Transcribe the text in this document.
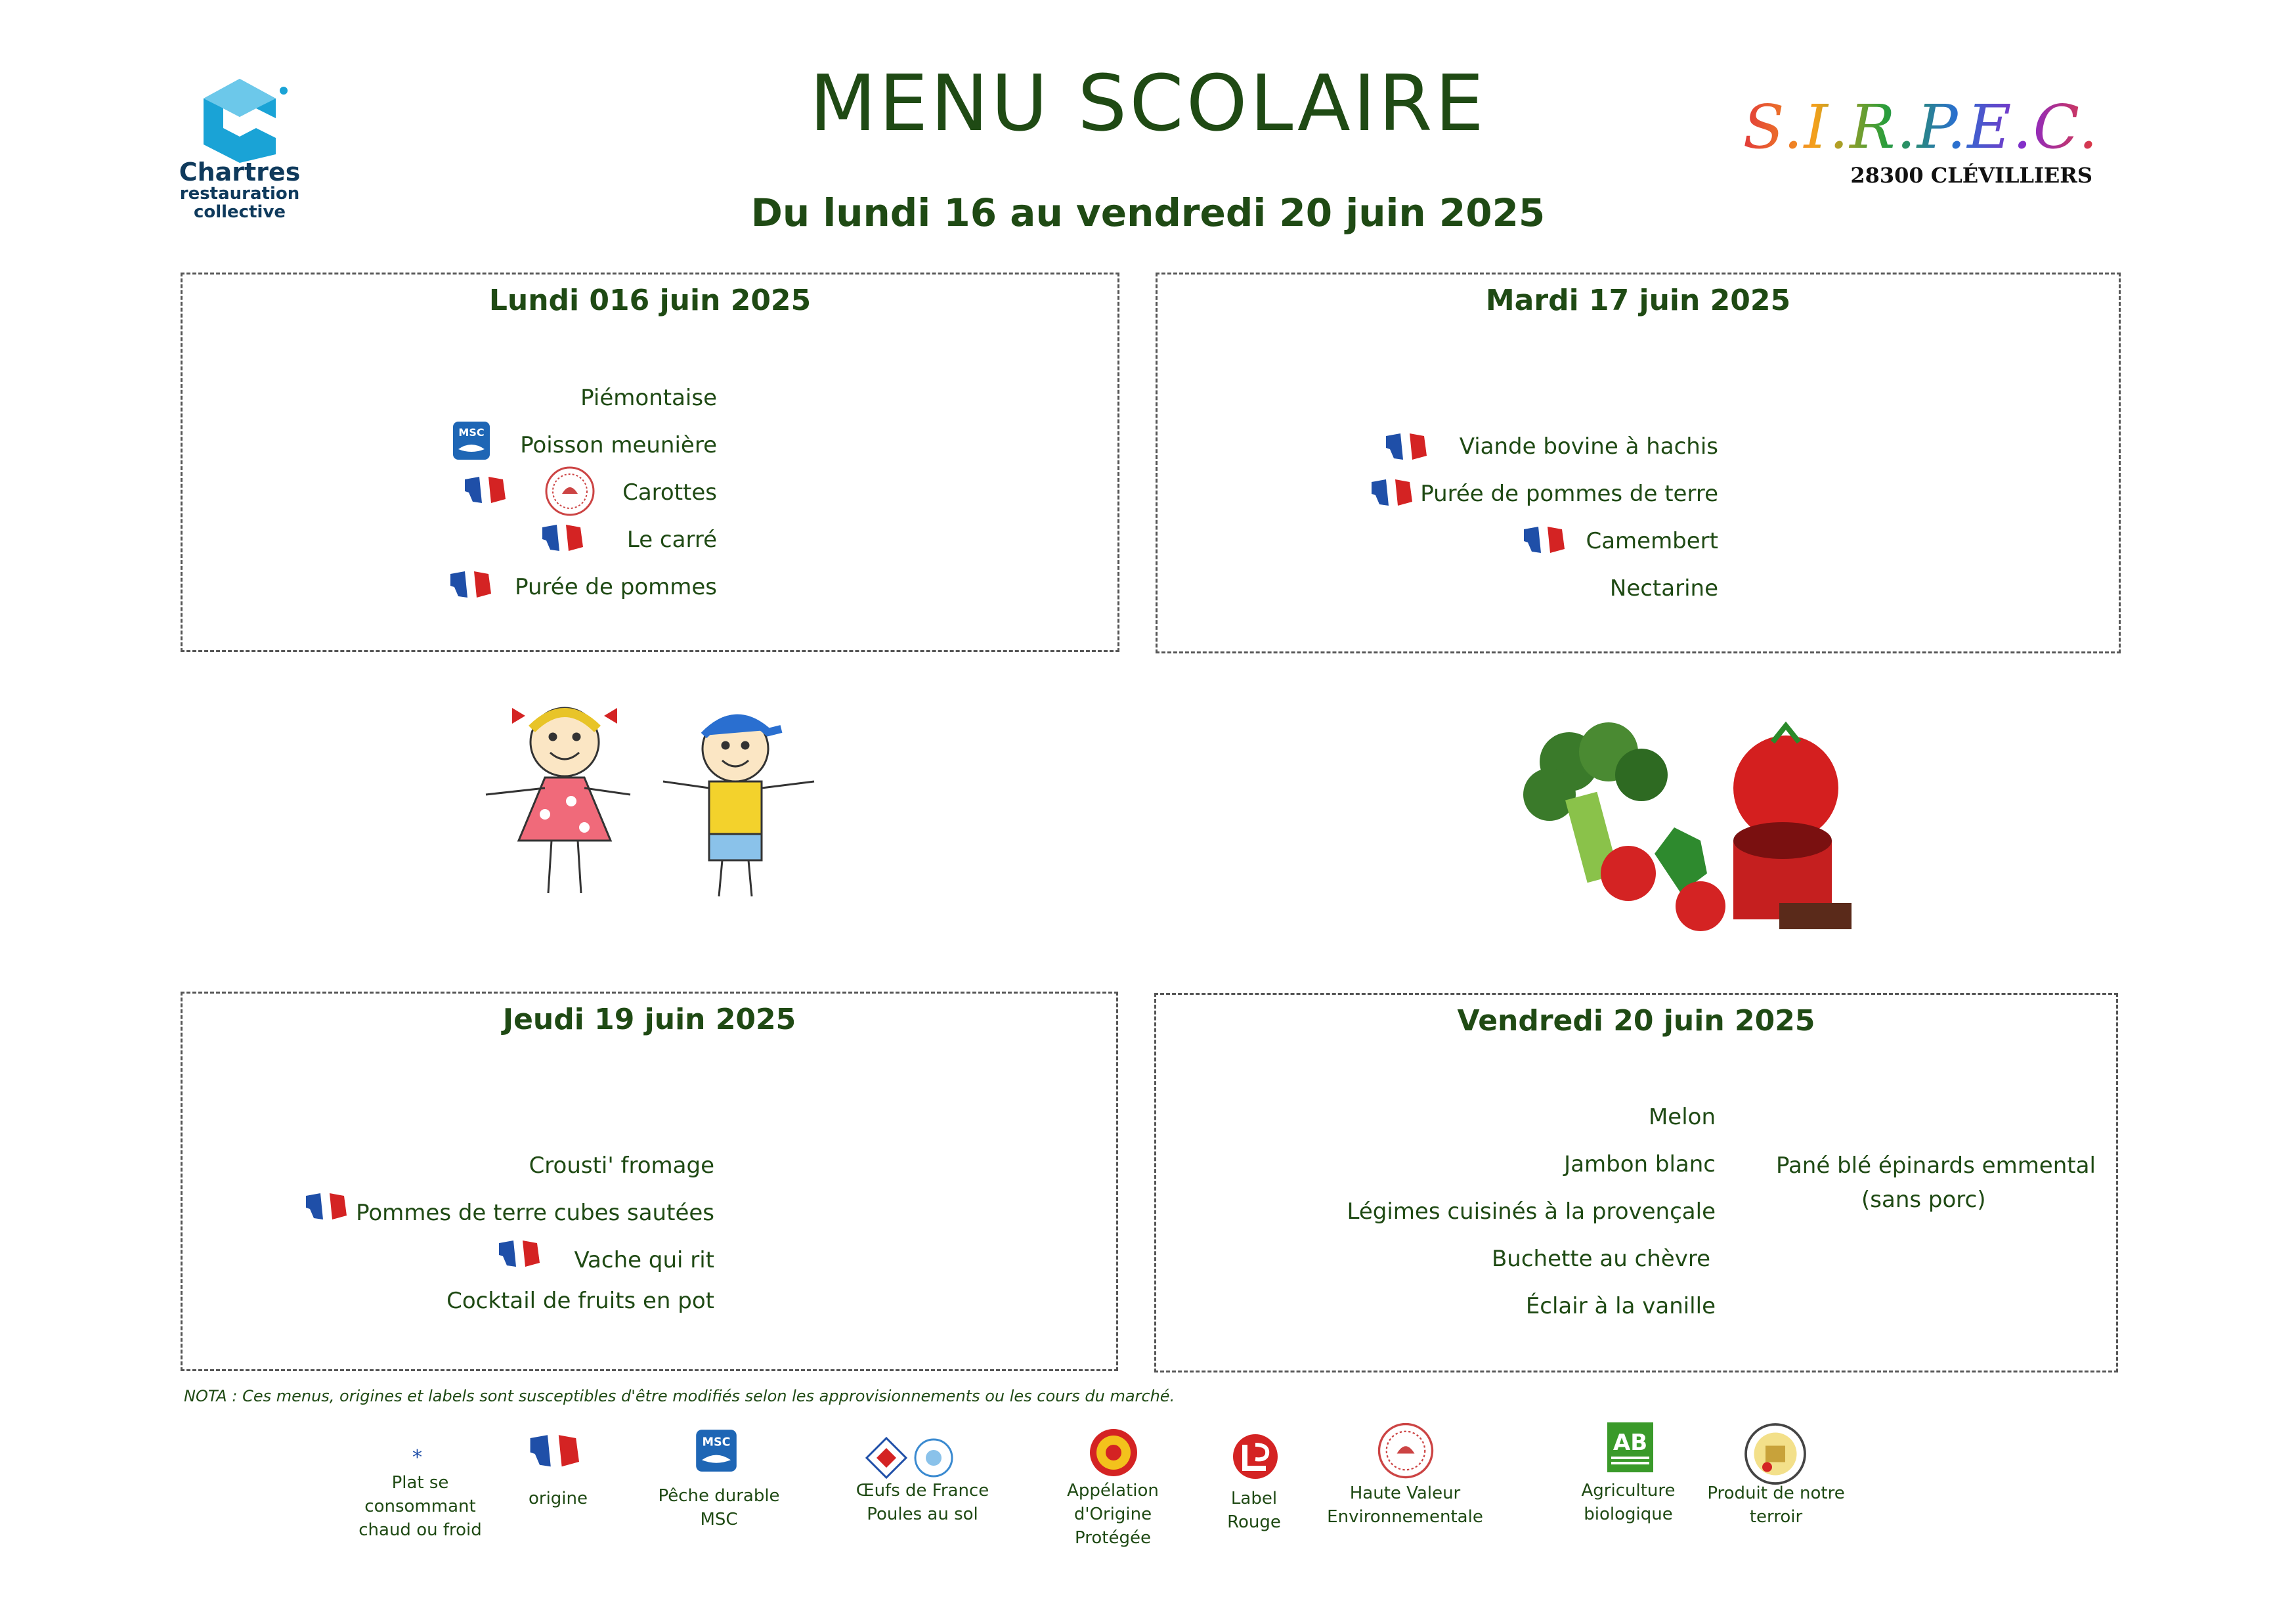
Chartres
restauration
collective
MENU SCOLAIRE
Du lundi 16 au vendredi 20 juin 2025
S.I.R.P.E.C.
28300 CLÉVILLIERS
Lundi 016 juin 2025
Piémontaise
MSC Poisson meunière
Carottes
Le carré
Purée de pommes
Mardi 17 juin 2025
Viande bovine à hachis
Purée de pommes de terre
Camembert
Nectarine
Jeudi 19 juin 2025
Crousti' fromage
Pommes de terre cubes sautées
Vache qui rit
Cocktail de fruits en pot
Vendredi 20 juin 2025
Melon
Jambon blanc
Légimes cuisinés à la provençale
Buchette au chèvre
Éclair à la vanille
Pané blé épinards emmental
(sans porc)
NOTA : Ces menus, origines et labels sont susceptibles d'être modifiés selon les approvisionnements ou les cours du marché.
*
Plat se
consommant
chaud ou froid
origine
MSC
Pêche durable
MSC
Œufs de France
Poules au sol
Appélation
d'Origine
Protégée
Label
Rouge
Haute Valeur
Environnementale
AB
Agriculture
biologique
Produit de notre
terroir
